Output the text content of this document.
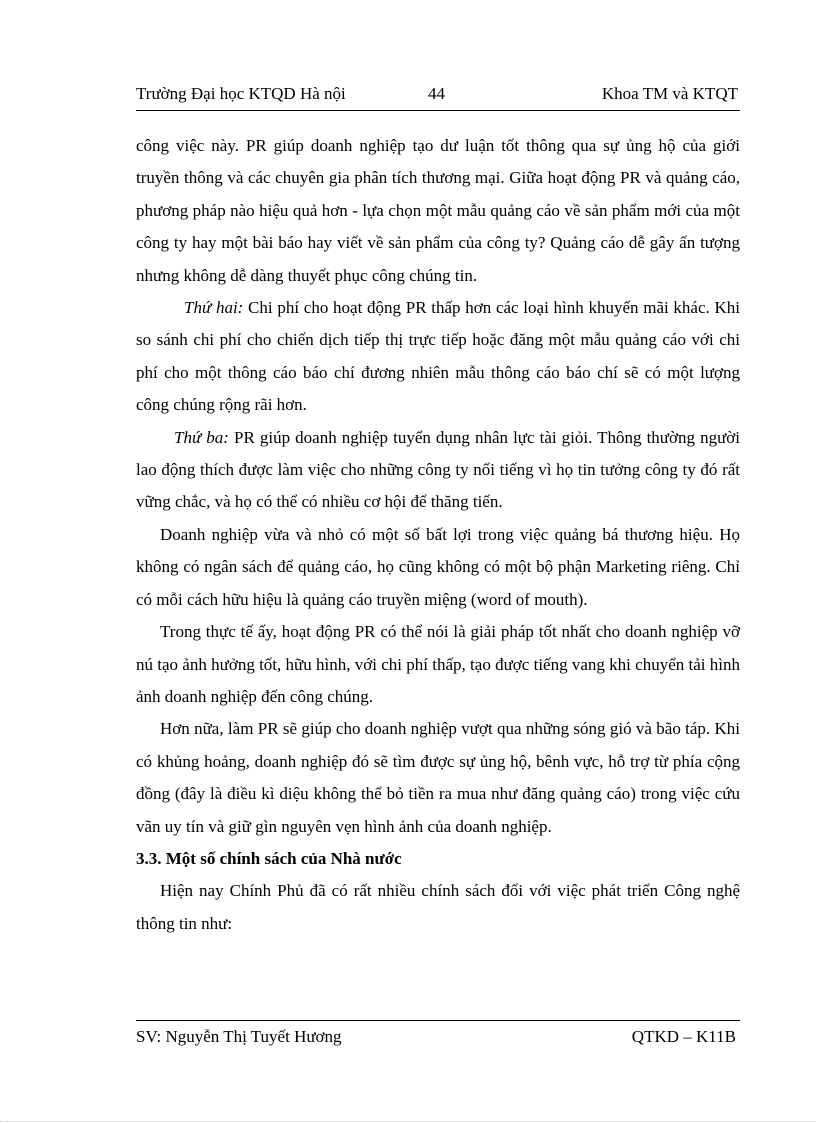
Trường Đại học KTQD Hà nội	44	Khoa TM và KTQT

công việc này. PR giúp doanh nghiệp tạo dư luận tốt thông qua sự ủng hộ của giới truyền thông và các chuyên gia phân tích thương mại. Giữa hoạt động PR và quảng cáo, phương pháp nào hiệu quả hơn - lựa chọn một mẫu quảng cáo về sản phẩm mới của một công ty hay một bài báo hay viết về sản phẩm của công ty? Quảng cáo dễ gây ấn tượng nhưng không dễ dàng thuyết phục công chúng tin.

Thứ hai: Chi phí cho hoạt động PR thấp hơn các loại hình khuyến mãi khác. Khi so sánh chi phí cho chiến dịch tiếp thị trực tiếp hoặc đăng một mẫu quảng cáo với chi phí cho một thông cáo báo chí đương nhiên mẫu thông cáo báo chí sẽ có một lượng công chúng rộng rãi hơn.

Thứ ba: PR giúp doanh nghiệp tuyển dụng nhân lực tài giỏi. Thông thường người lao động thích được làm việc cho những công ty nổi tiếng vì họ tin tưởng công ty đó rất vững chắc, và họ có thể có nhiều cơ hội để thăng tiến.

Doanh nghiệp vừa và nhỏ có một số bất lợi trong việc quảng bá thương hiệu. Họ không có ngân sách để quảng cáo, họ cũng không có một bộ phận Marketing riêng. Chỉ có mỗi cách hữu hiệu là quảng cáo truyền miệng (word of mouth).

Trong thực tế ấy, hoạt động PR có thể nói là giải pháp tốt nhất cho doanh nghiệp vỡ nú tạo ảnh hưởng tốt, hữu hình, với chi phí thấp, tạo được tiếng vang khi chuyển tải hình ảnh doanh nghiệp đến công chúng.

Hơn nữa, làm PR sẽ giúp cho doanh nghiệp vượt qua những sóng gió và bão táp. Khi có khủng hoảng, doanh nghiệp đó sẽ tìm được sự ủng hộ, bênh vực, hỗ trợ từ phía cộng đồng (đây là điều kì diệu không thể bỏ tiền ra mua như đăng quảng cáo) trong việc cứu vãn uy tín và giữ gìn nguyên vẹn hình ảnh của doanh nghiệp.

3.3. Một số chính sách của Nhà nước

Hiện nay Chính Phủ đã có rất nhiều chính sách đối với việc phát triển Công nghệ thông tin như:

SV: Nguyễn Thị Tuyết Hương	QTKD – K11B
